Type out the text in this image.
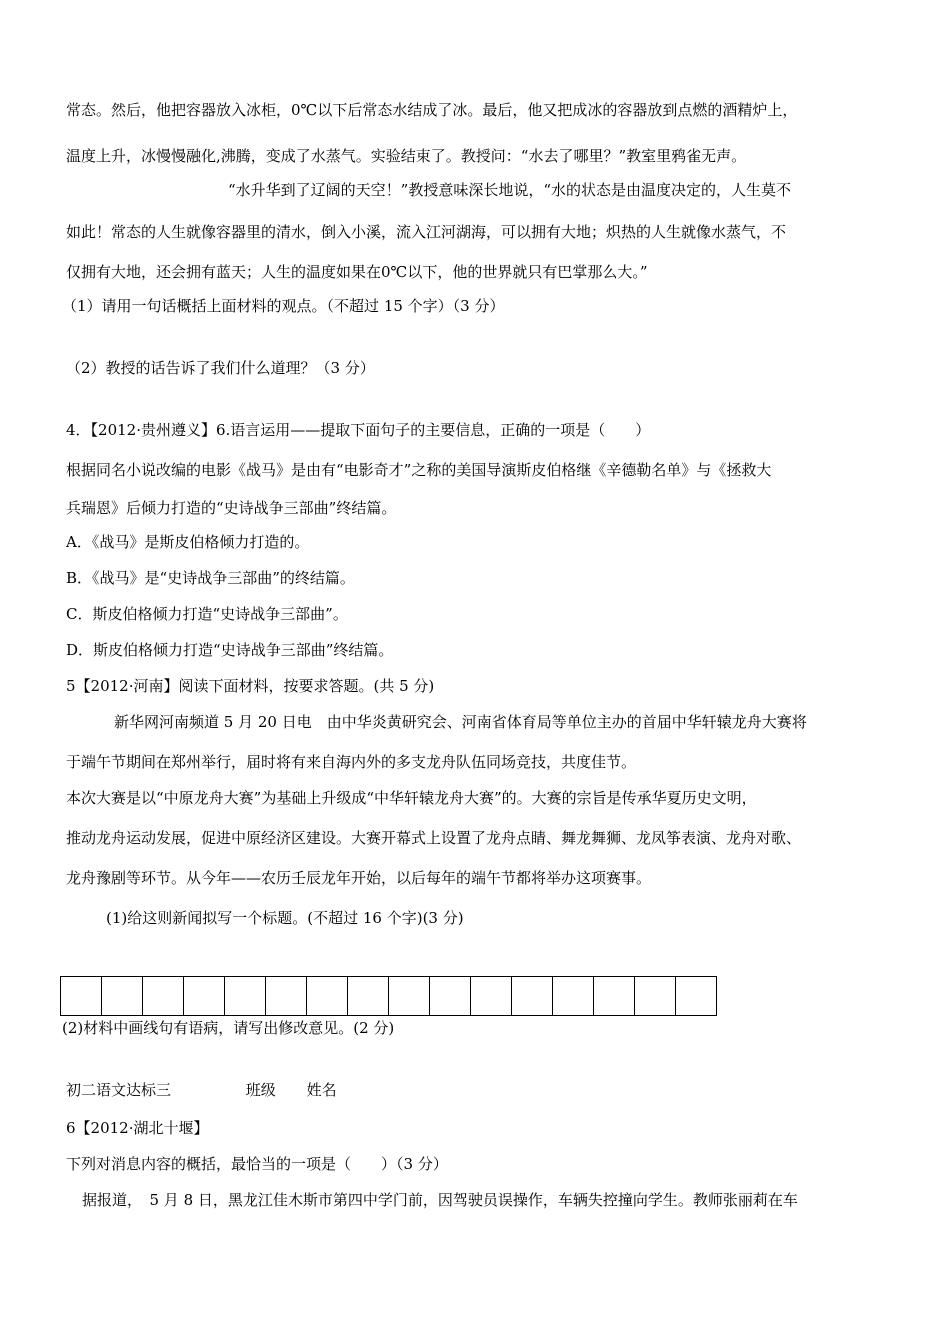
常态。然后，他把容器放入冰柜，0℃以下后常态水结成了冰。最后，他又把成冰的容器放到点燃的酒精炉上，
温度上升，冰慢慢融化,沸腾，变成了水蒸气。实验结束了。教授问：“水去了哪里？”教室里鸦雀无声。
“水升华到了辽阔的天空！”教授意味深长地说，“水的状态是由温度决定的，人生莫不
如此！常态的人生就像容器里的清水，倒入小溪，流入江河湖海，可以拥有大地；炽热的人生就像水蒸气，不
仅拥有大地，还会拥有蓝天；人生的温度如果在0℃以下，他的世界就只有巴掌那么大。”
（1）请用一句话概括上面材料的观点。（不超过 15 个字）（3 分）
（2）教授的话告诉了我们什么道理？（3 分）
4．【2012·贵州遵义】6.语言运用——提取下面句子的主要信息，正确的一项是（　　）
根据同名小说改编的电影《战马》是由有“电影奇才”之称的美国导演斯皮伯格继《辛德勒名单》与《拯救大
兵瑞恩》后倾力打造的“史诗战争三部曲”终结篇。
A．《战马》是斯皮伯格倾力打造的。
B．《战马》是“史诗战争三部曲”的终结篇。
C．斯皮伯格倾力打造“史诗战争三部曲”。
D．斯皮伯格倾力打造“史诗战争三部曲”终结篇。
5【2012·河南】阅读下面材料，按要求答题。(共 5 分)
新华网河南频道 5 月 20 日电　由中华炎黄研究会、河南省体育局等单位主办的首届中华轩辕龙舟大赛将
于端午节期间在郑州举行，届时将有来自海内外的多支龙舟队伍同场竞技，共度佳节。
本次大赛是以“中原龙舟大赛”为基础上升级成“中华轩辕龙舟大赛”的。大赛的宗旨是传承华夏历史文明，
推动龙舟运动发展，促进中原经济区建设。大赛开幕式上设置了龙舟点睛、舞龙舞狮、龙凤筝表演、龙舟对歌、
龙舟豫剧等环节。从今年——农历壬辰龙年开始，以后每年的端午节都将举办这项赛事。
(1)给这则新闻拟写一个标题。(不超过 16 个字)(3 分)
(2)材料中画线句有语病，请写出修改意见。(2 分)
初二语文达标三	班级 姓名
6【2012·湖北十堰】
下列对消息内容的概括，最恰当的一项是（　　）（3 分）
据报道，　5 月 8 日，黑龙江佳木斯市第四中学门前，因驾驶员误操作，车辆失控撞向学生。教师张丽莉在车
